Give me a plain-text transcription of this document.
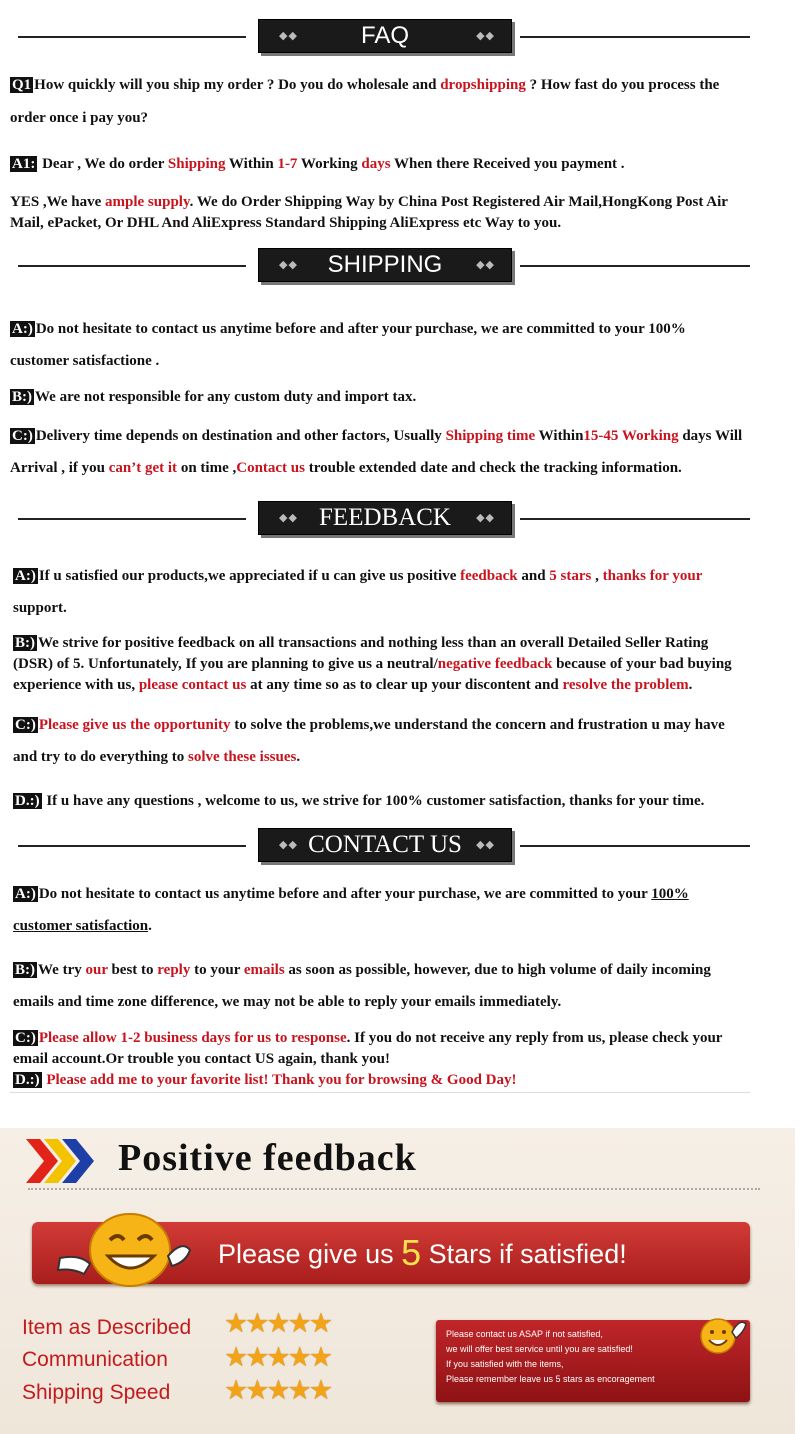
◆◆	FAQ	◆◆
Q1 How quickly will you ship my order ? Do you do wholesale and dropshipping ? How fast do you process the
order once i pay you?
A1: Dear , We do order Shipping Within 1-7 Working days When there Received you payment .
YES ,We have ample supply. We do Order Shipping Way by China Post Registered Air Mail,HongKong Post Air
Mail, ePacket, Or DHL And AliExpress Standard Shipping AliExpress etc Way to you.
◆◆	SHIPPING	◆◆
A:) Do not hesitate to contact us anytime before and after your purchase, we are committed to your 100%
customer satisfactione .
B:) We are not responsible for any custom duty and import tax.
C:) Delivery time depends on destination and other factors, Usually Shipping time Within15-45 Working days Will
Arrival , if you can’t get it on time ,Contact us trouble extended date and check the tracking information.
◆◆ FEEDBACK	◆◆
A:) If u satisfied our products,we appreciated if u can give us positive feedback and 5 stars , thanks for your
support.
B:) We strive for positive feedback on all transactions and nothing less than an overall Detailed Seller Rating
(DSR) of 5. Unfortunately, If you are planning to give us a neutral/negative feedback because of your bad buying
experience with us, please contact us at any time so as to clear up your discontent and resolve the problem.
C:) Please give us the opportunity to solve the problems,we understand the concern and frustration u may have
and try to do everything to solve these issues.
D.:) If u have any questions , welcome to us, we strive for 100% customer satisfaction, thanks for your time.
◆◆ CONTACT US	◆◆
A:) Do not hesitate to contact us anytime before and after your purchase, we are committed to your 100%
customer satisfaction.
B:) We try our best to reply to your emails as soon as possible, however, due to high volume of daily incoming
emails and time zone difference, we may not be able to reply your emails immediately.
C:) Please allow 1-2 business days for us to response. If you do not receive any reply from us, please check your
email account.Or trouble you contact US again, thank you!
D.:) Please add me to your favorite list! Thank you for browsing & Good Day!
Positive feedback
Please give us 5 Stars if satisfied!
Item as Described ★★★★★
Communication ★★★★★
Shipping Speed ★★★★★
Please contact us ASAP if not satisfied,
we will offer best service until you are satisfied!
If you satisfied with the items,
Please remember leave us 5 stars as encoragement
